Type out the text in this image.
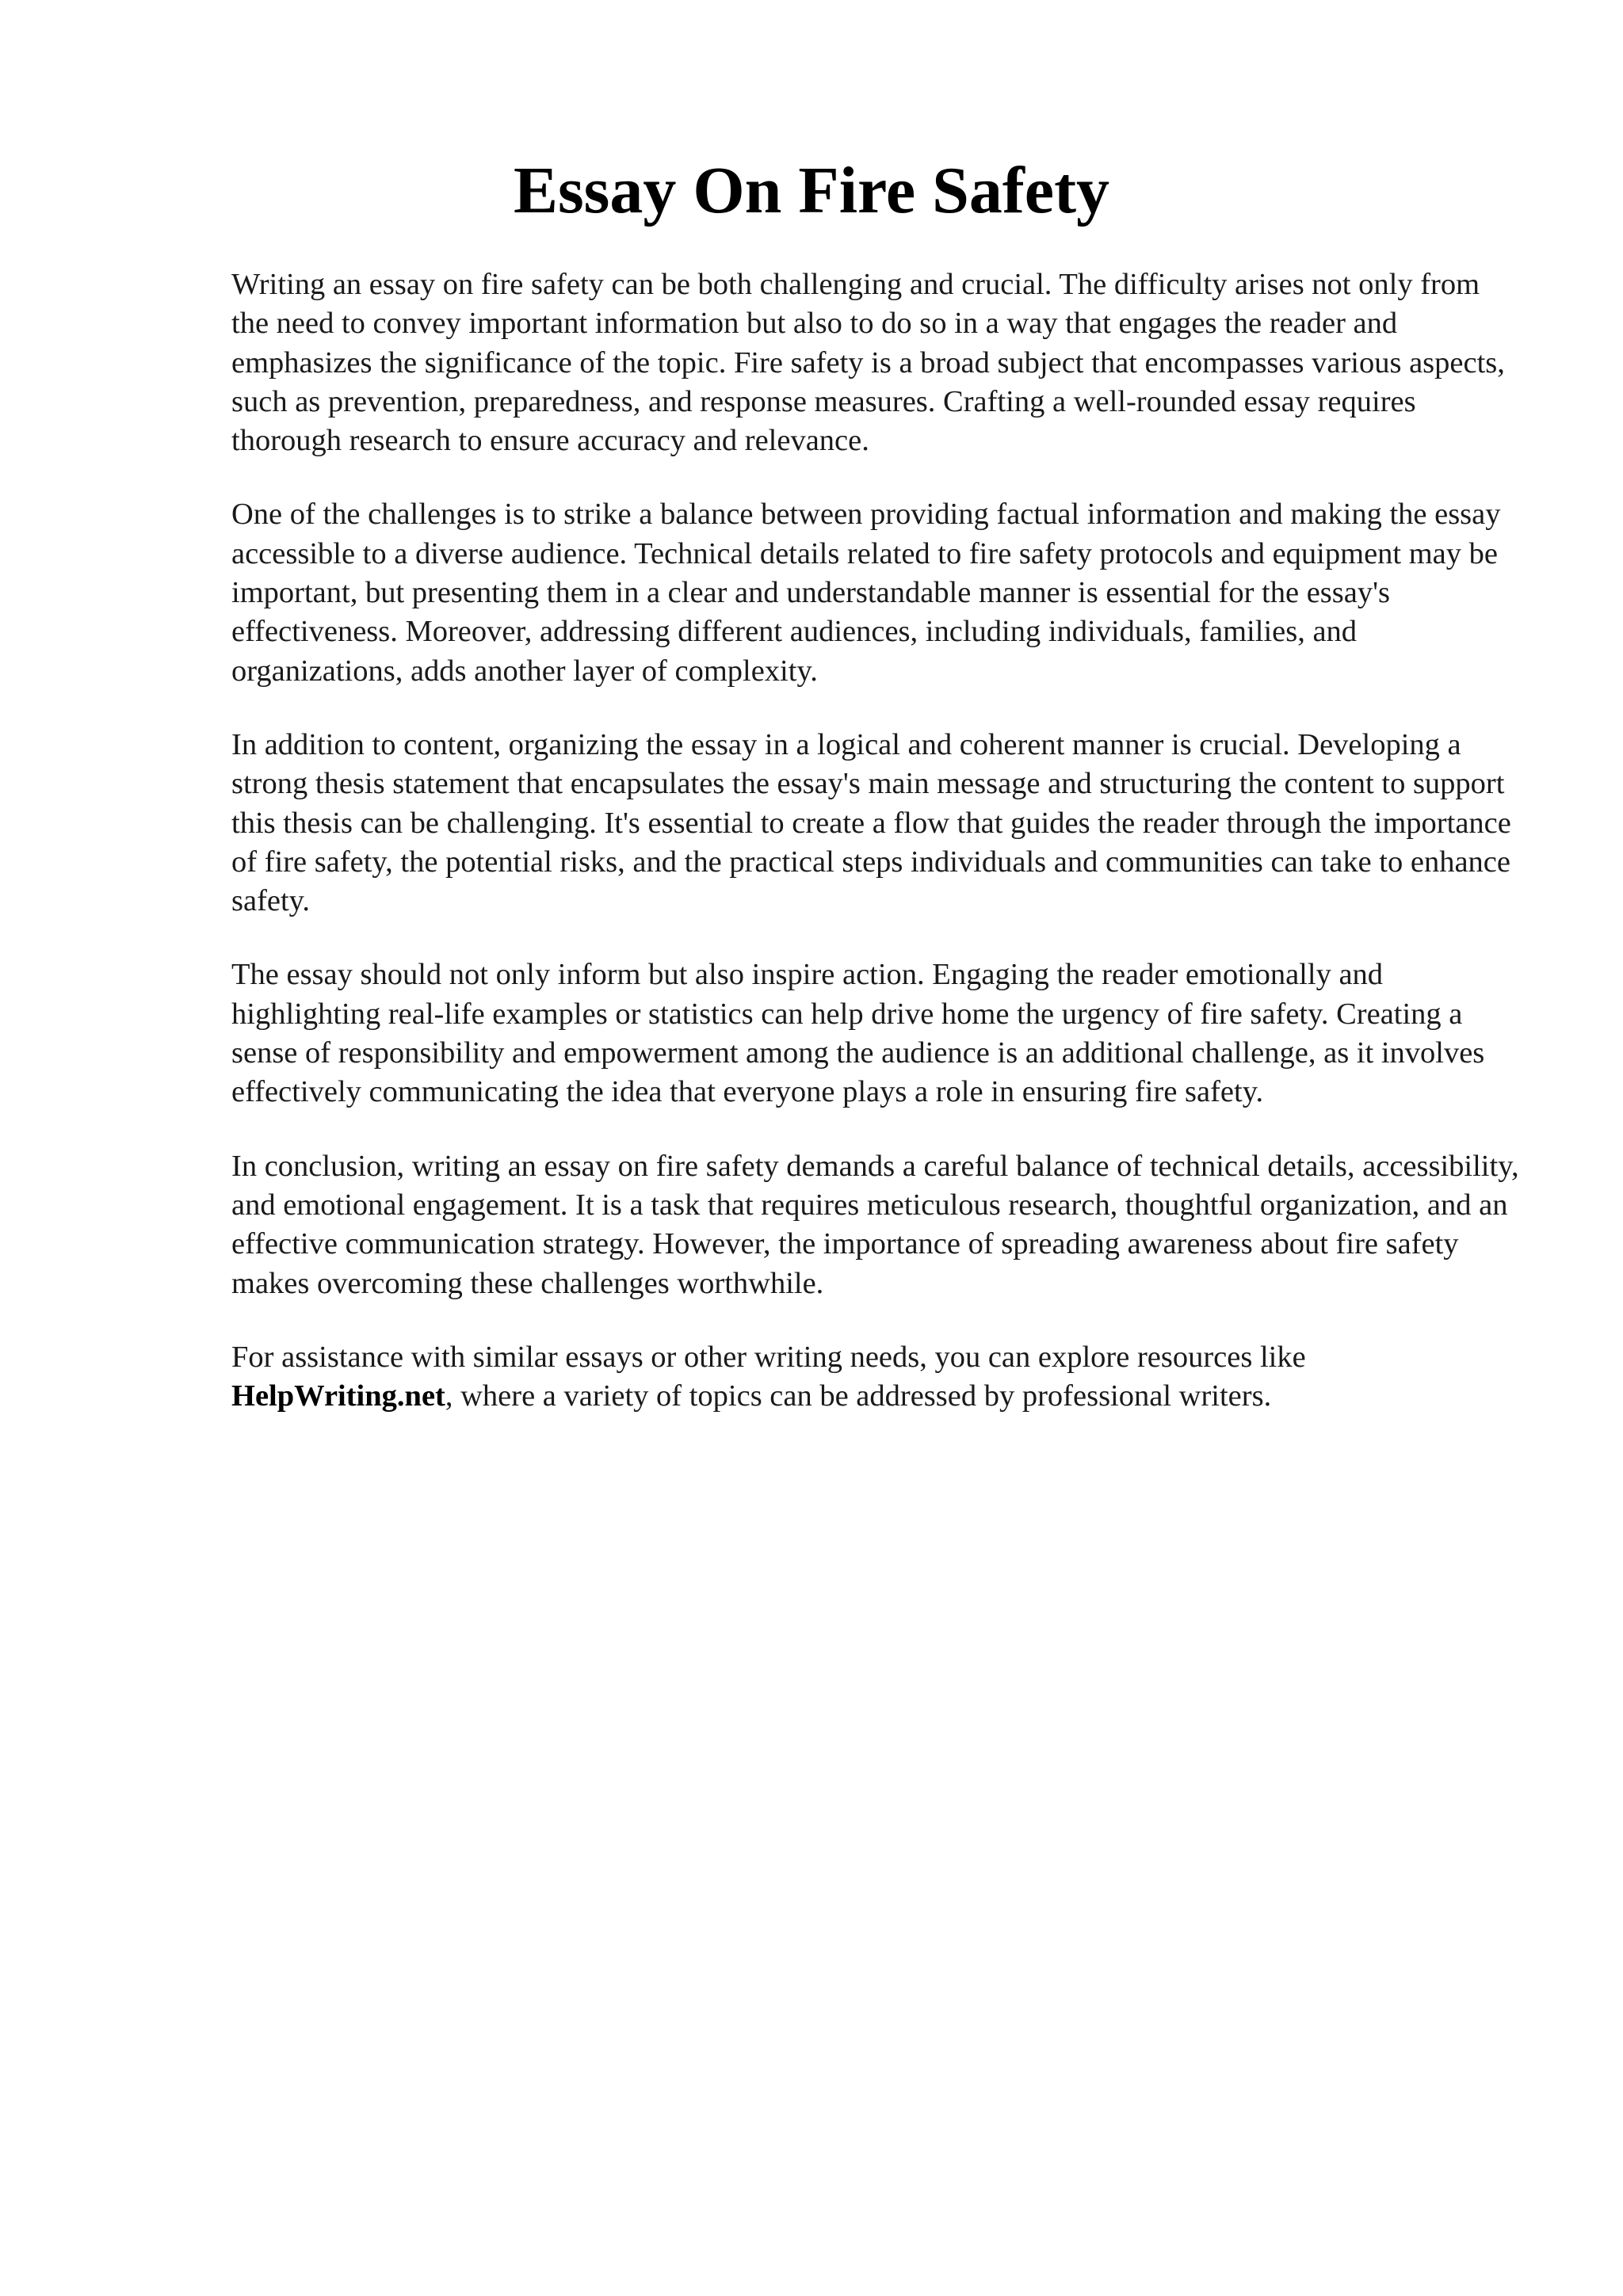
Essay On Fire Safety

Writing an essay on fire safety can be both challenging and crucial. The difficulty arises not only from the need to convey important information but also to do so in a way that engages the reader and emphasizes the significance of the topic. Fire safety is a broad subject that encompasses various aspects, such as prevention, preparedness, and response measures. Crafting a well-rounded essay requires thorough research to ensure accuracy and relevance.

One of the challenges is to strike a balance between providing factual information and making the essay accessible to a diverse audience. Technical details related to fire safety protocols and equipment may be important, but presenting them in a clear and understandable manner is essential for the essay's effectiveness. Moreover, addressing different audiences, including individuals, families, and organizations, adds another layer of complexity.

In addition to content, organizing the essay in a logical and coherent manner is crucial. Developing a strong thesis statement that encapsulates the essay's main message and structuring the content to support this thesis can be challenging. It's essential to create a flow that guides the reader through the importance of fire safety, the potential risks, and the practical steps individuals and communities can take to enhance safety.

The essay should not only inform but also inspire action. Engaging the reader emotionally and highlighting real-life examples or statistics can help drive home the urgency of fire safety. Creating a sense of responsibility and empowerment among the audience is an additional challenge, as it involves effectively communicating the idea that everyone plays a role in ensuring fire safety.

In conclusion, writing an essay on fire safety demands a careful balance of technical details, accessibility, and emotional engagement. It is a task that requires meticulous research, thoughtful organization, and an effective communication strategy. However, the importance of spreading awareness about fire safety makes overcoming these challenges worthwhile.

For assistance with similar essays or other writing needs, you can explore resources like HelpWriting.net, where a variety of topics can be addressed by professional writers.
